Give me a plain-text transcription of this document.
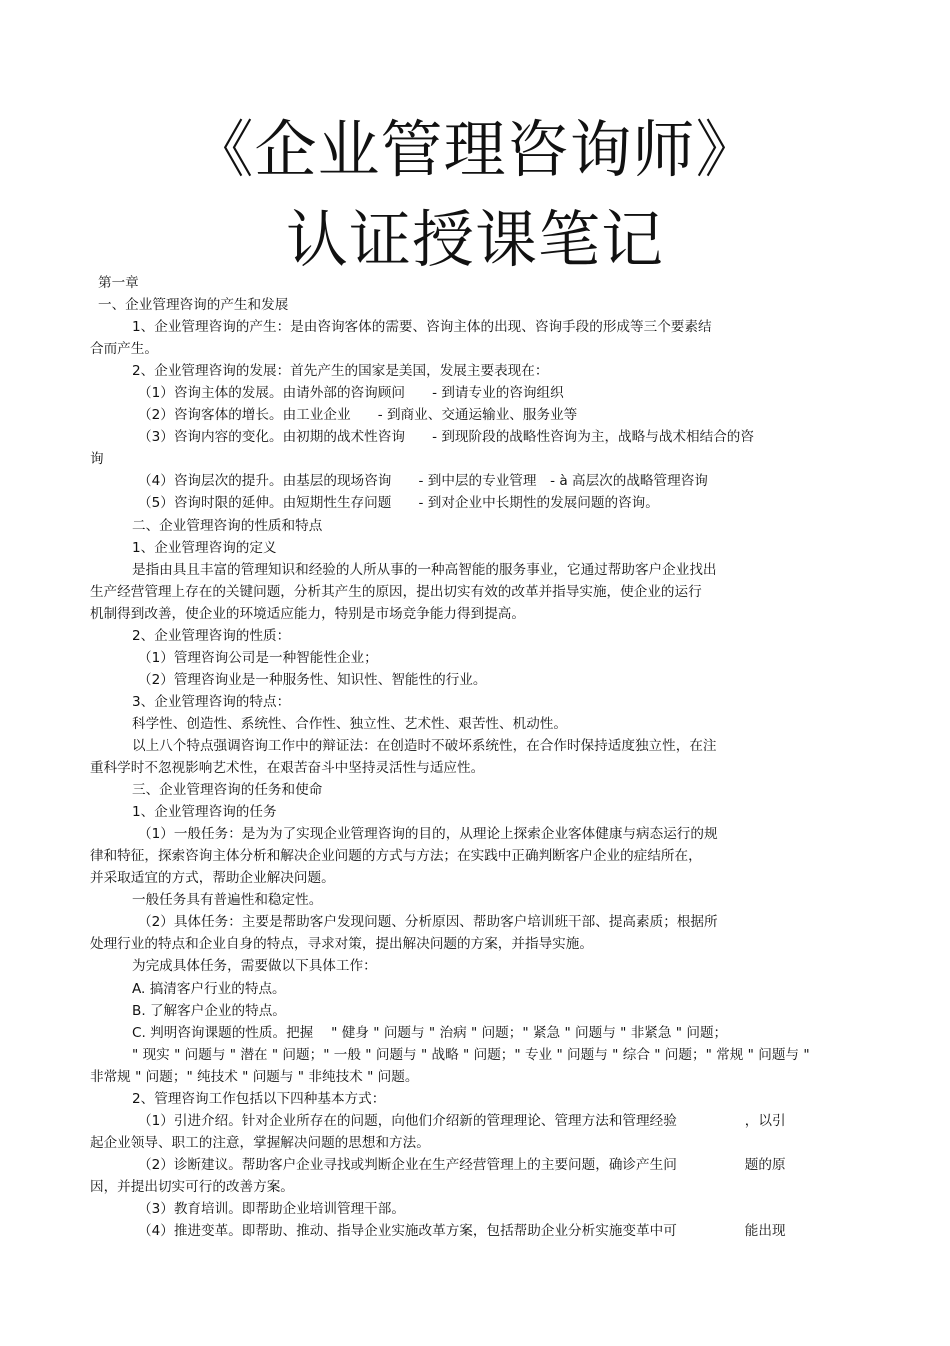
《企业管理咨询师》
认证授课笔记
第一章
一、企业管理咨询的产生和发展
1、企业管理咨询的产生：是由咨询客体的需要、咨询主体的出现、咨询手段的形成等三个要素结
合而产生。
2、企业管理咨询的发展：首先产生的国家是美国，发展主要表现在：
（1）咨询主体的发展。由请外部的咨询顾问　　- 到请专业的咨询组织
（2）咨询客体的增长。由工业企业　　- 到商业、交通运输业、服务业等
（3）咨询内容的变化。由初期的战术性咨询　　- 到现阶段的战略性咨询为主，战略与战术相结合的咨
询
（4）咨询层次的提升。由基层的现场咨询　　- 到中层的专业管理　- à 高层次的战略管理咨询
（5）咨询时限的延伸。由短期性生存问题　　- 到对企业中长期性的发展问题的咨询。
二、企业管理咨询的性质和特点
1、企业管理咨询的定义
是指由具且丰富的管理知识和经验的人所从事的一种高智能的服务事业，它通过帮助客户企业找出
生产经营管理上存在的关键问题，分析其产生的原因，提出切实有效的改革并指导实施，使企业的运行
机制得到改善，使企业的环境适应能力，特别是市场竞争能力得到提高。
2、企业管理咨询的性质：
（1）管理咨询公司是一种智能性企业；
（2）管理咨询业是一种服务性、知识性、智能性的行业。
3、企业管理咨询的特点：
科学性、创造性、系统性、合作性、独立性、艺术性、艰苦性、机动性。
以上八个特点强调咨询工作中的辩证法：在创造时不破坏系统性，在合作时保持适度独立性，在注
重科学时不忽视影响艺术性，在艰苦奋斗中坚持灵活性与适应性。
三、企业管理咨询的任务和使命
1、企业管理咨询的任务
（1）一般任务：是为为了实现企业管理咨询的目的，从理论上探索企业客体健康与病态运行的规
律和特征，探索咨询主体分析和解决企业问题的方式与方法；在实践中正确判断客户企业的症结所在，
并采取适宜的方式，帮助企业解决问题。
一般任务具有普遍性和稳定性。
（2）具体任务：主要是帮助客户发现问题、分析原因、帮助客户培训班干部、提高素质；根据所
处理行业的特点和企业自身的特点，寻求对策，提出解决问题的方案，并指导实施。
为完成具体任务，需要做以下具体工作：
A. 搞清客户行业的特点。
B. 了解客户企业的特点。
C. 判明咨询课题的性质。把握　 " 健身 " 问题与 " 治病 " 问题；" 紧急 " 问题与 " 非紧急 " 问题；
" 现实 " 问题与 " 潜在 " 问题；" 一般 " 问题与 " 战略 " 问题；" 专业 " 问题与 " 综合 " 问题；" 常规 " 问题与 "
非常规 " 问题；" 纯技术 " 问题与 " 非纯技术 " 问题。
2、管理咨询工作包括以下四种基本方式：
（1）引进介绍。针对企业所存在的问题，向他们介绍新的管理理论、管理方法和管理经验　　　　　，以引
起企业领导、职工的注意，掌握解决问题的思想和方法。
（2）诊断建议。帮助客户企业寻找或判断企业在生产经营管理上的主要问题，确诊产生问　　　　　题的原
因，并提出切实可行的改善方案。
（3）教育培训。即帮助企业培训管理干部。
（4）推进变革。即帮助、推动、指导企业实施改革方案，包括帮助企业分析实施变革中可　　　　　能出现
